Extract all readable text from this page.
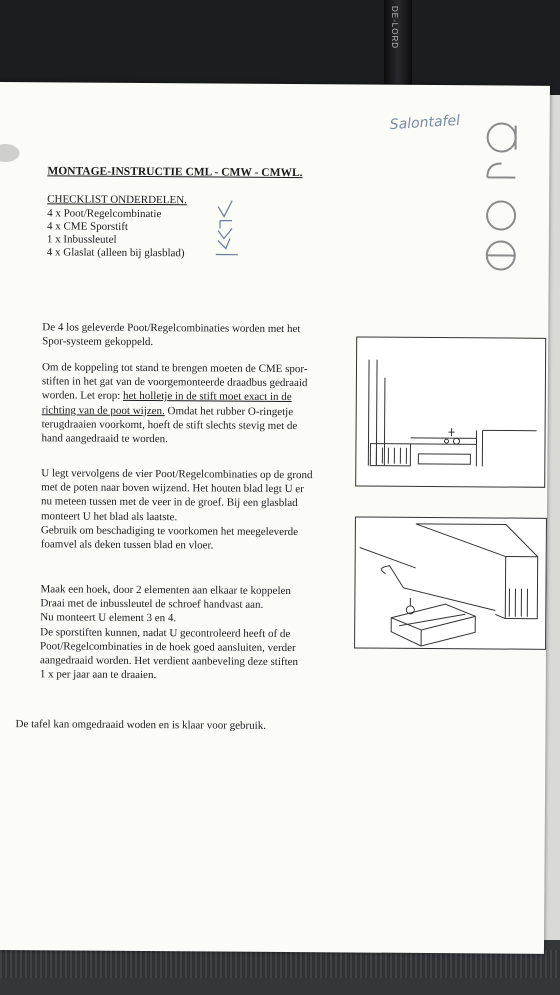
DE-LORD
Salontafel
MONTAGE-INSTRUCTIE CML - CMW - CMWL.
CHECKLIST ONDERDELEN.
4 x Poot/Regelcombinatie
4 x CME Sporstift
1 x Inbussleutel
4 x Glaslat (alleen bij glasblad)
De 4 los geleverde Poot/Regelcombinaties worden met het
Spor-systeem gekoppeld.
Om de koppeling tot stand te brengen moeten de CME spor-
stiften in het gat van de voorgemonteerde draadbus gedraaid
worden. Let erop: het holletje in de stift moet exact in de
richting van de poot wijzen. Omdat het rubber O-ringetje
terugdraaien voorkomt, hoeft de stift slechts stevig met de
hand aangedraaid te worden.
U legt vervolgens de vier Poot/Regelcombinaties op de grond
met de poten naar boven wijzend. Het houten blad legt U er
nu meteen tussen met de veer in de groef. Bij een glasblad
monteert U het blad als laatste.
Gebruik om beschadiging te voorkomen het meegeleverde
foamvel als deken tussen blad en vloer.
Maak een hoek, door 2 elementen aan elkaar te koppelen
Draai met de inbussleutel de schroef handvast aan.
Nu monteert U element 3 en 4.
De sporstiften kunnen, nadat U gecontroleerd heeft of de
Poot/Regelcombinaties in de hoek goed aansluiten, verder
aangedraaid worden. Het verdient aanbeveling deze stiften
1 x per jaar aan te draaien.
De tafel kan omgedraaid woden en is klaar voor gebruik.
